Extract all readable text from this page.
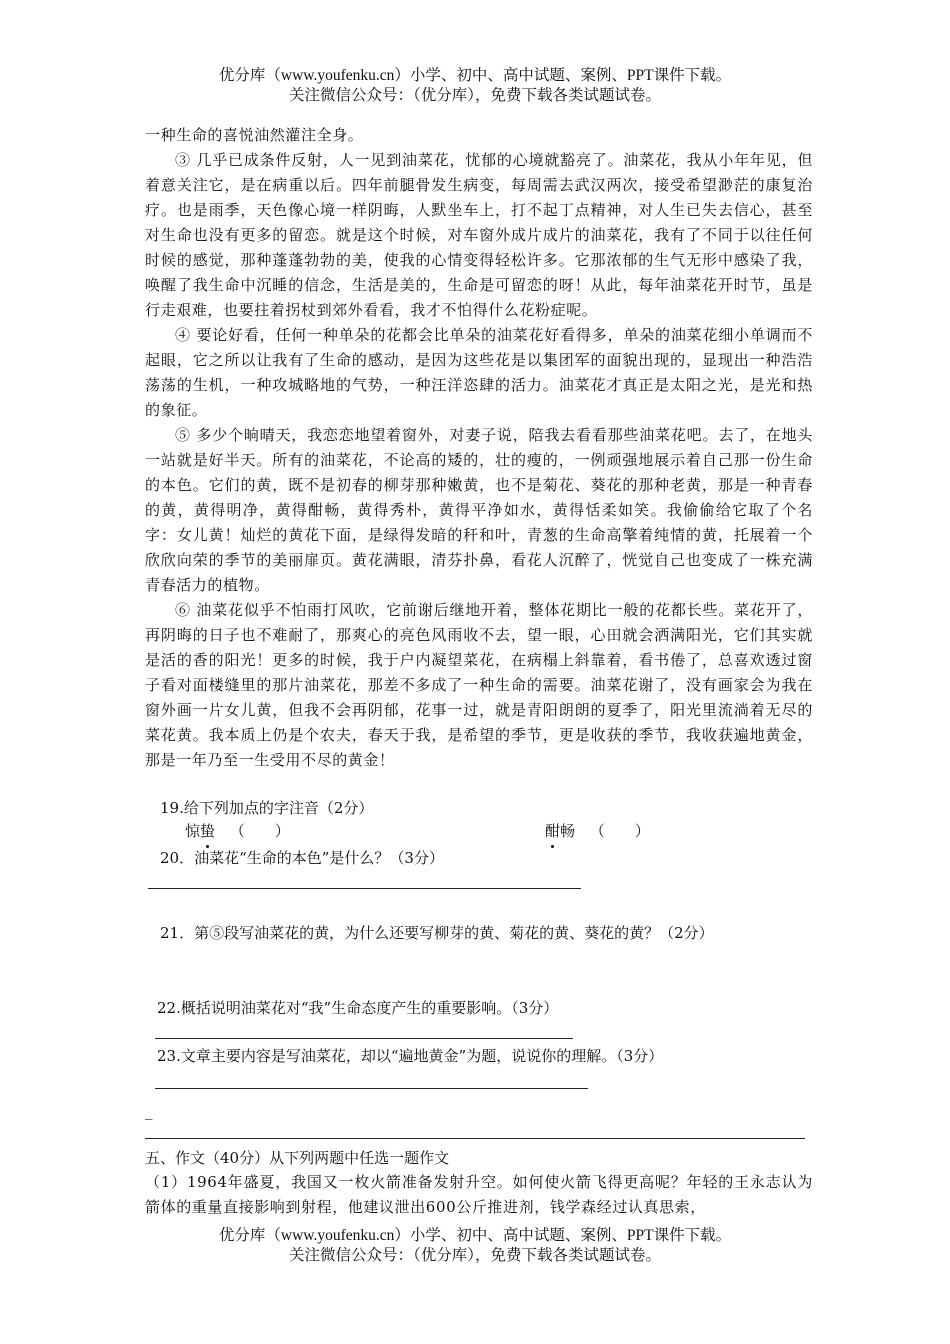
优分库（www.youfenku.cn）小学、初中、高中试题、案例、PPT课件下载。
关注微信公众号：（优分库），免费下载各类试题试卷。

一种生命的喜悦油然灌注全身。

③ 几乎已成条件反射，人一见到油菜花，忧郁的心境就豁亮了。油菜花，我从小年年见，但着意关注它，是在病重以后。四年前腿骨发生病变，每周需去武汉两次，接受希望渺茫的康复治疗。也是雨季，天色像心境一样阴晦，人默坐车上，打不起丁点精神，对人生已失去信心，甚至对生命也没有更多的留恋。就是这个时候，对车窗外成片成片的油菜花，我有了不同于以往任何时候的感觉，那种蓬蓬勃勃的美，使我的心情变得轻松许多。它那浓郁的生气无形中感染了我，唤醒了我生命中沉睡的信念，生活是美的，生命是可留恋的呀！从此，每年油菜花开时节，虽是行走艰难，也要拄着拐杖到郊外看看，我才不怕得什么花粉症呢。

④ 要论好看，任何一种单朵的花都会比单朵的油菜花好看得多，单朵的油菜花细小单调而不起眼，它之所以让我有了生命的感动，是因为这些花是以集团军的面貌出现的，显现出一种浩浩荡荡的生机，一种攻城略地的气势，一种汪洋恣肆的活力。油菜花才真正是太阳之光，是光和热的象征。

⑤ 多少个晌晴天，我恋恋地望着窗外，对妻子说，陪我去看看那些油菜花吧。去了，在地头一站就是好半天。所有的油菜花，不论高的矮的，壮的瘦的，一例顽强地展示着自己那一份生命的本色。它们的黄，既不是初春的柳芽那种嫩黄，也不是菊花、葵花的那种老黄，那是一种青春的黄，黄得明净，黄得酣畅，黄得秀朴，黄得平净如水，黄得恬柔如笑。我偷偷给它取了个名字：女儿黄！灿烂的黄花下面，是绿得发暗的秆和叶，青葱的生命高擎着纯情的黄，托展着一个欣欣向荣的季节的美丽扉页。黄花满眼，清芬扑鼻，看花人沉醉了，恍觉自己也变成了一株充满青春活力的植物。

⑥ 油菜花似乎不怕雨打风吹，它前谢后继地开着，整体花期比一般的花都长些。菜花开了，再阴晦的日子也不难耐了，那爽心的亮色风雨收不去，望一眼，心田就会洒满阳光，它们其实就是活的香的阳光！更多的时候，我于户内凝望菜花，在病榻上斜靠着，看书倦了，总喜欢透过窗子看对面楼缝里的那片油菜花，那差不多成了一种生命的需要。油菜花谢了，没有画家会为我在窗外画一片女儿黄，但我不会再阴郁，花事一过，就是青阳朗朗的夏季了，阳光里流淌着无尽的菜花黄。我本质上仍是个农夫，春天于我，是希望的季节，更是收获的季节，我收获遍地黄金，那是一年乃至一生受用不尽的黄金！

19.给下列加点的字注音（2分）
惊蛰 （　　 ）	酣畅 （　　 ）
20．油菜花“生命的本色”是什么？（3分）
21．第⑤段写油菜花的黄，为什么还要写柳芽的黄、菊花的黄、葵花的黄？（2分）
22.概括说明油菜花对“我”生命态度产生的重要影响。（3分）
23.文章主要内容是写油菜花，却以“遍地黄金”为题，说说你的理解。（3分）
_
五、作文（40分）从下列两题中任选一题作文
（1）1964年盛夏，我国又一枚火箭准备发射升空。如何使火箭飞得更高呢？年轻的王永志认为箭体的重量直接影响到射程，他建议泄出600公斤推进剂，钱学森经过认真思索，
优分库（www.youfenku.cn）小学、初中、高中试题、案例、PPT课件下载。
关注微信公众号：（优分库），免费下载各类试题试卷。
